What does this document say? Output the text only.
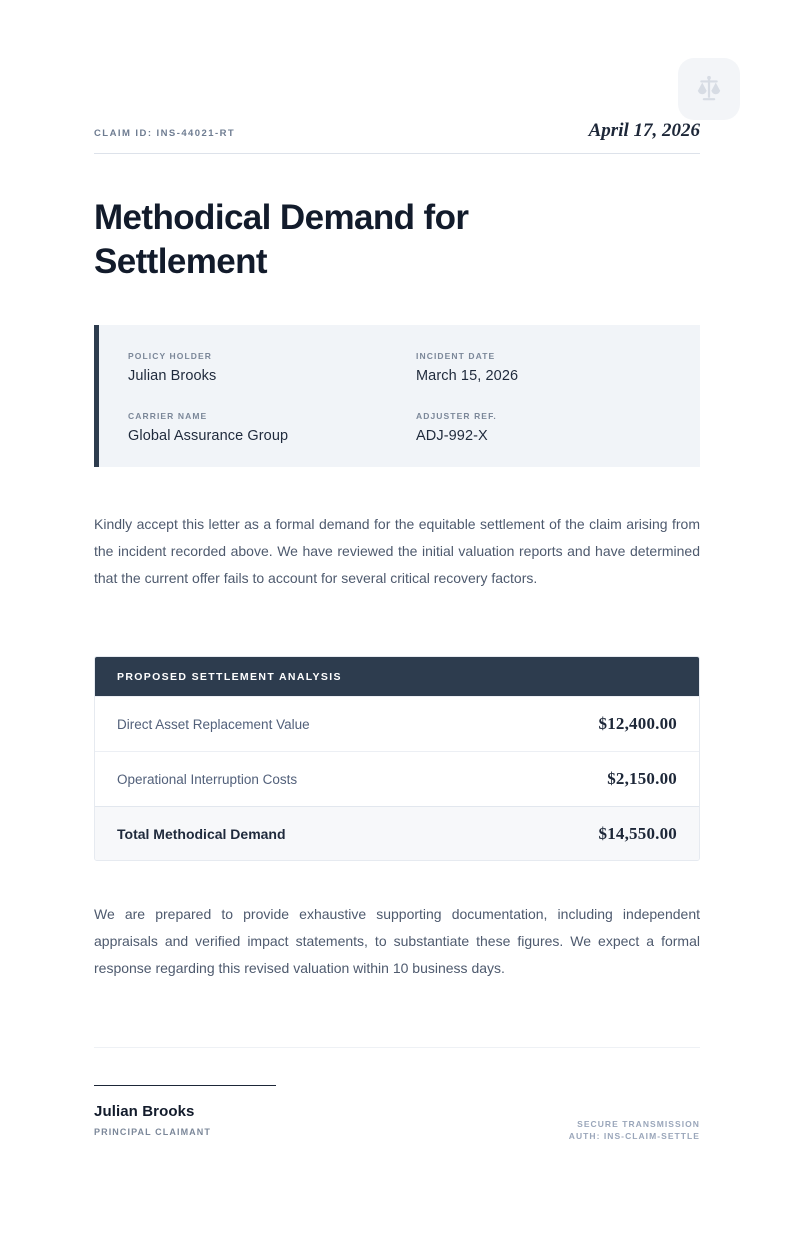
CLAIM ID: INS-44021-RT	April 17, 2026
Methodical Demand for Settlement
POLICY HOLDER
Julian Brooks
INCIDENT DATE
March 15, 2026
CARRIER NAME
Global Assurance Group
ADJUSTER REF.
ADJ-992-X

Kindly accept this letter as a formal demand for the equitable settlement of the claim arising from the incident recorded above. We have reviewed the initial valuation reports and have determined that the current offer fails to account for several critical recovery factors.

PROPOSED SETTLEMENT ANALYSIS
Direct Asset Replacement Value	$12,400.00
Operational Interruption Costs	$2,150.00
Total Methodical Demand	$14,550.00

We are prepared to provide exhaustive supporting documentation, including independent appraisals and verified impact statements, to substantiate these figures. We expect a formal response regarding this revised valuation within 10 business days.

Julian Brooks
PRINCIPAL CLAIMANT
SECURE TRANSMISSION
AUTH: INS-CLAIM-SETTLE
